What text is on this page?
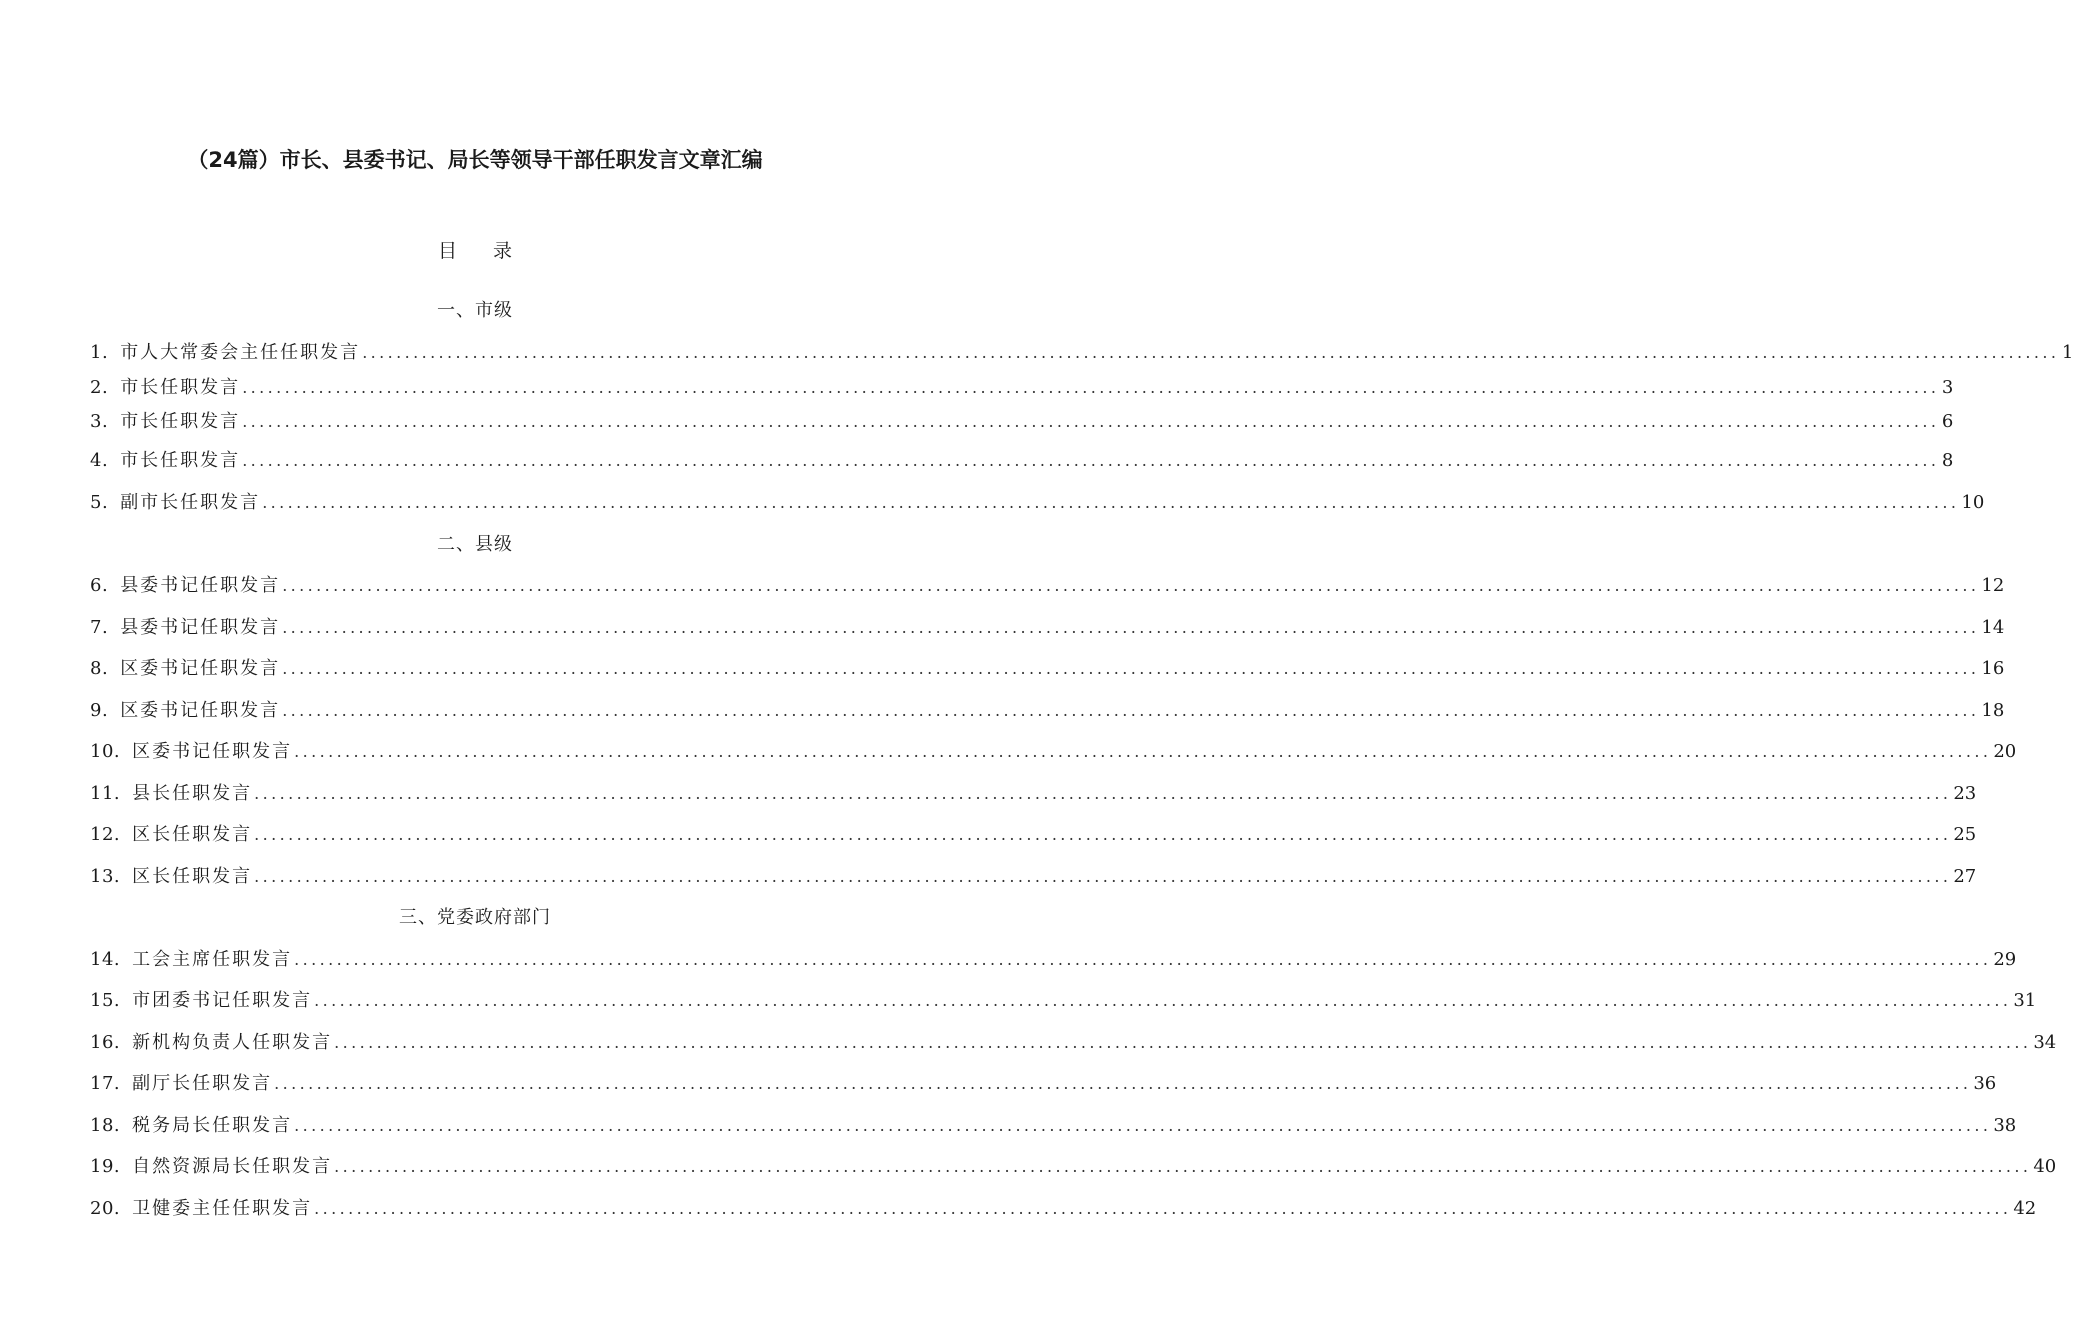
（24篇）市长、县委书记、局长等领导干部任职发言文章汇编
目录
一、市级
1. 市人大常委会主任任职发言 ........................................................................................................................................................................................................ 1
2. 市长任职发言 ........................................................................................................................................................................................................ 3
3. 市长任职发言 ........................................................................................................................................................................................................ 6
4. 市长任职发言 ........................................................................................................................................................................................................ 8
5. 副市长任职发言 ........................................................................................................................................................................................................ 10
二、县级
6. 县委书记任职发言 ........................................................................................................................................................................................................ 12
7. 县委书记任职发言 ........................................................................................................................................................................................................ 14
8. 区委书记任职发言 ........................................................................................................................................................................................................ 16
9. 区委书记任职发言 ........................................................................................................................................................................................................ 18
10. 区委书记任职发言 ........................................................................................................................................................................................................ 20
11. 县长任职发言 ........................................................................................................................................................................................................ 23
12. 区长任职发言 ........................................................................................................................................................................................................ 25
13. 区长任职发言 ........................................................................................................................................................................................................ 27
三、党委政府部门
14. 工会主席任职发言 ........................................................................................................................................................................................................ 29
15. 市团委书记任职发言 ........................................................................................................................................................................................................ 31
16. 新机构负责人任职发言 ........................................................................................................................................................................................................ 34
17. 副厅长任职发言 ........................................................................................................................................................................................................ 36
18. 税务局长任职发言 ........................................................................................................................................................................................................ 38
19. 自然资源局长任职发言 ........................................................................................................................................................................................................ 40
20. 卫健委主任任职发言 ........................................................................................................................................................................................................ 42
